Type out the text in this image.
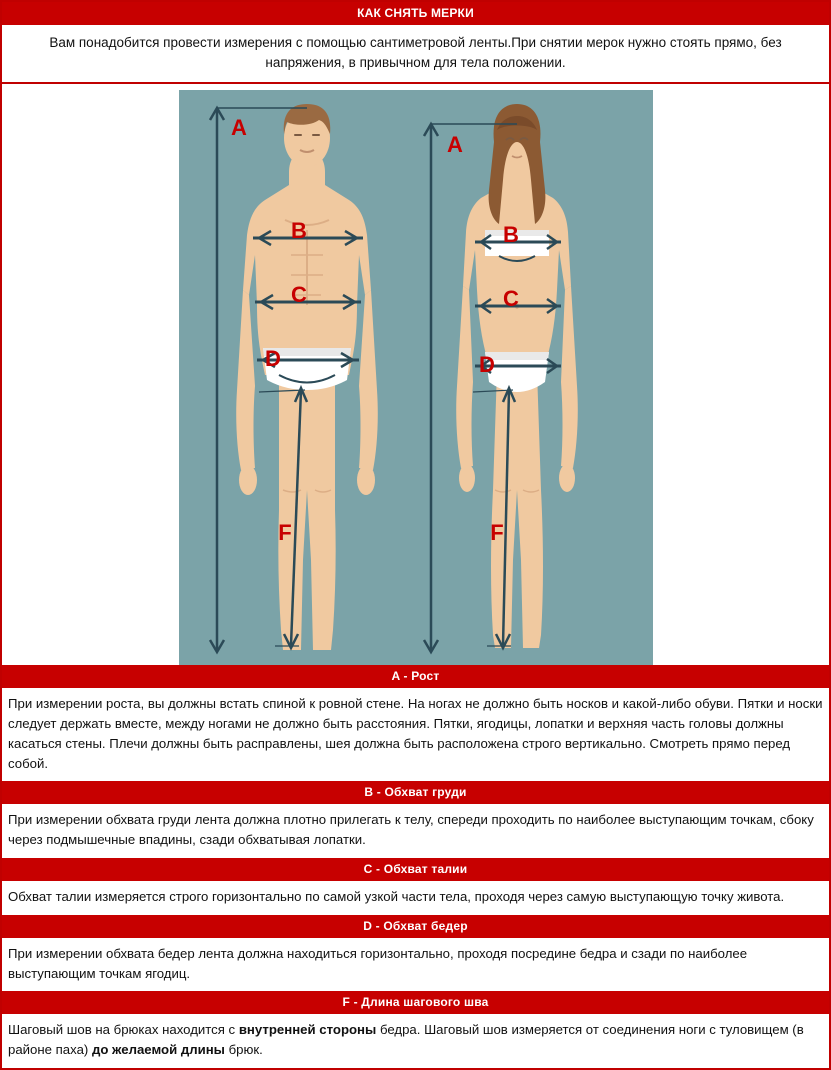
КАК СНЯТЬ МЕРКИ
Вам понадобится провести измерения с помощью сантиметровой ленты.При снятии мерок нужно стоять прямо, без напряжения, в привычном для тела положении.
A
B
C
D
F
A
B
C
D
F
A - Рост
При измерении роста, вы должны встать спиной к ровной стене. На ногах не должно быть носков и какой-либо обуви. Пятки и носки следует держать вместе, между ногами не должно быть расстояния. Пятки, ягодицы, лопатки и верхняя часть головы должны касаться стены. Плечи должны быть расправлены, шея должна быть расположена строго вертикально. Смотреть прямо перед собой.
B - Обхват груди
При измерении обхвата груди лента должна плотно прилегать к телу, спереди проходить по наиболее выступающим точкам, сбоку через подмышечные впадины, сзади обхватывая лопатки.
C - Обхват талии
Обхват талии измеряется строго горизонтально по самой узкой части тела, проходя через самую выступающую точку живота.
D - Обхват бедер
При измерении обхвата бедер лента должна находиться горизонтально, проходя посредине бедра и сзади по наиболее выступающим точкам ягодиц.
F - Длина шагового шва
Шаговый шов на брюках находится с внутренней стороны бедра. Шаговый шов измеряется от соединения ноги с туловищем (в районе паха) до желаемой длины брюк.
